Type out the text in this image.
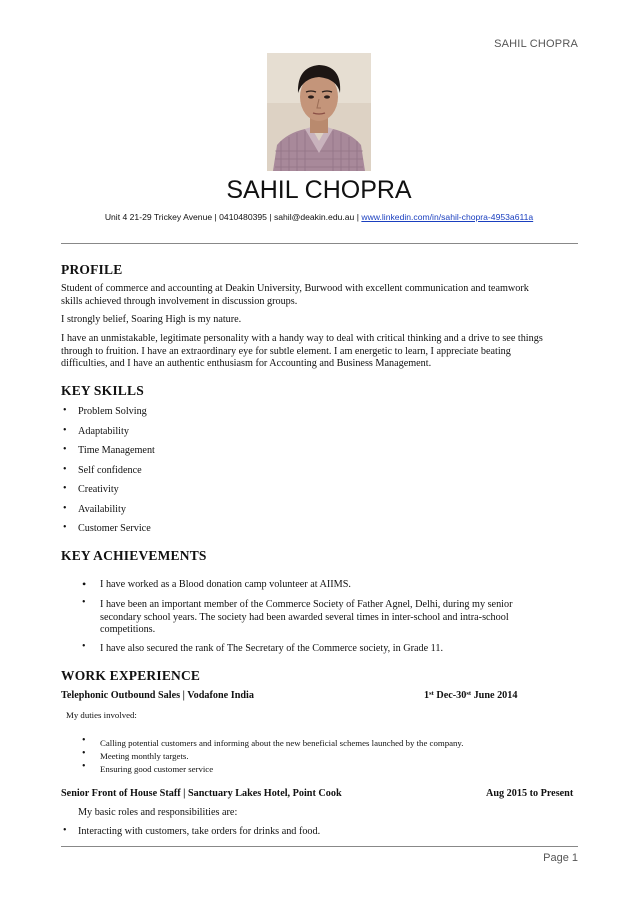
SAHIL CHOPRA
SAHIL CHOPRA
Unit 4 21-29 Trickey Avenue | 0410480395 | sahil@deakin.edu.au | www.linkedin.com/in/sahil-chopra-4953a611a
PROFILE
Student of commerce and accounting at Deakin University, Burwood with excellent communication and teamwork
skills achieved through involvement in discussion groups.
I strongly belief, Soaring High is my nature.
I have an unmistakable, legitimate personality with a handy way to deal with critical thinking and a drive to see things
through to fruition. I have an extraordinary eye for subtle element. I am energetic to learn, I appreciate beating
difficulties, and I have an authentic enthusiasm for Accounting and Business Management.
KEY SKILLS
• Problem Solving
• Adaptability
• Time Management
• Self confidence
• Creativity
• Availability
• Customer Service
KEY ACHIEVEMENTS
• I have worked as a Blood donation camp volunteer at AIIMS.
• I have been an important member of the Commerce Society of Father Agnel, Delhi, during my senior
secondary school years. The society had been awarded several times in inter-school and intra-school
competitions.
• I have also secured the rank of The Secretary of the Commerce society, in Grade 11.
WORK EXPERIENCE
Telephonic Outbound Sales | Vodafone India	1st Dec-30st June 2014
My duties involved:
• Calling potential customers and informing about the new beneficial schemes launched by the company.
• Meeting monthly targets.
• Ensuring good customer service
Senior Front of House Staff | Sanctuary Lakes Hotel, Point Cook	Aug 2015 to Present
My basic roles and responsibilities are:
• Interacting with customers, take orders for drinks and food.
Page 1
